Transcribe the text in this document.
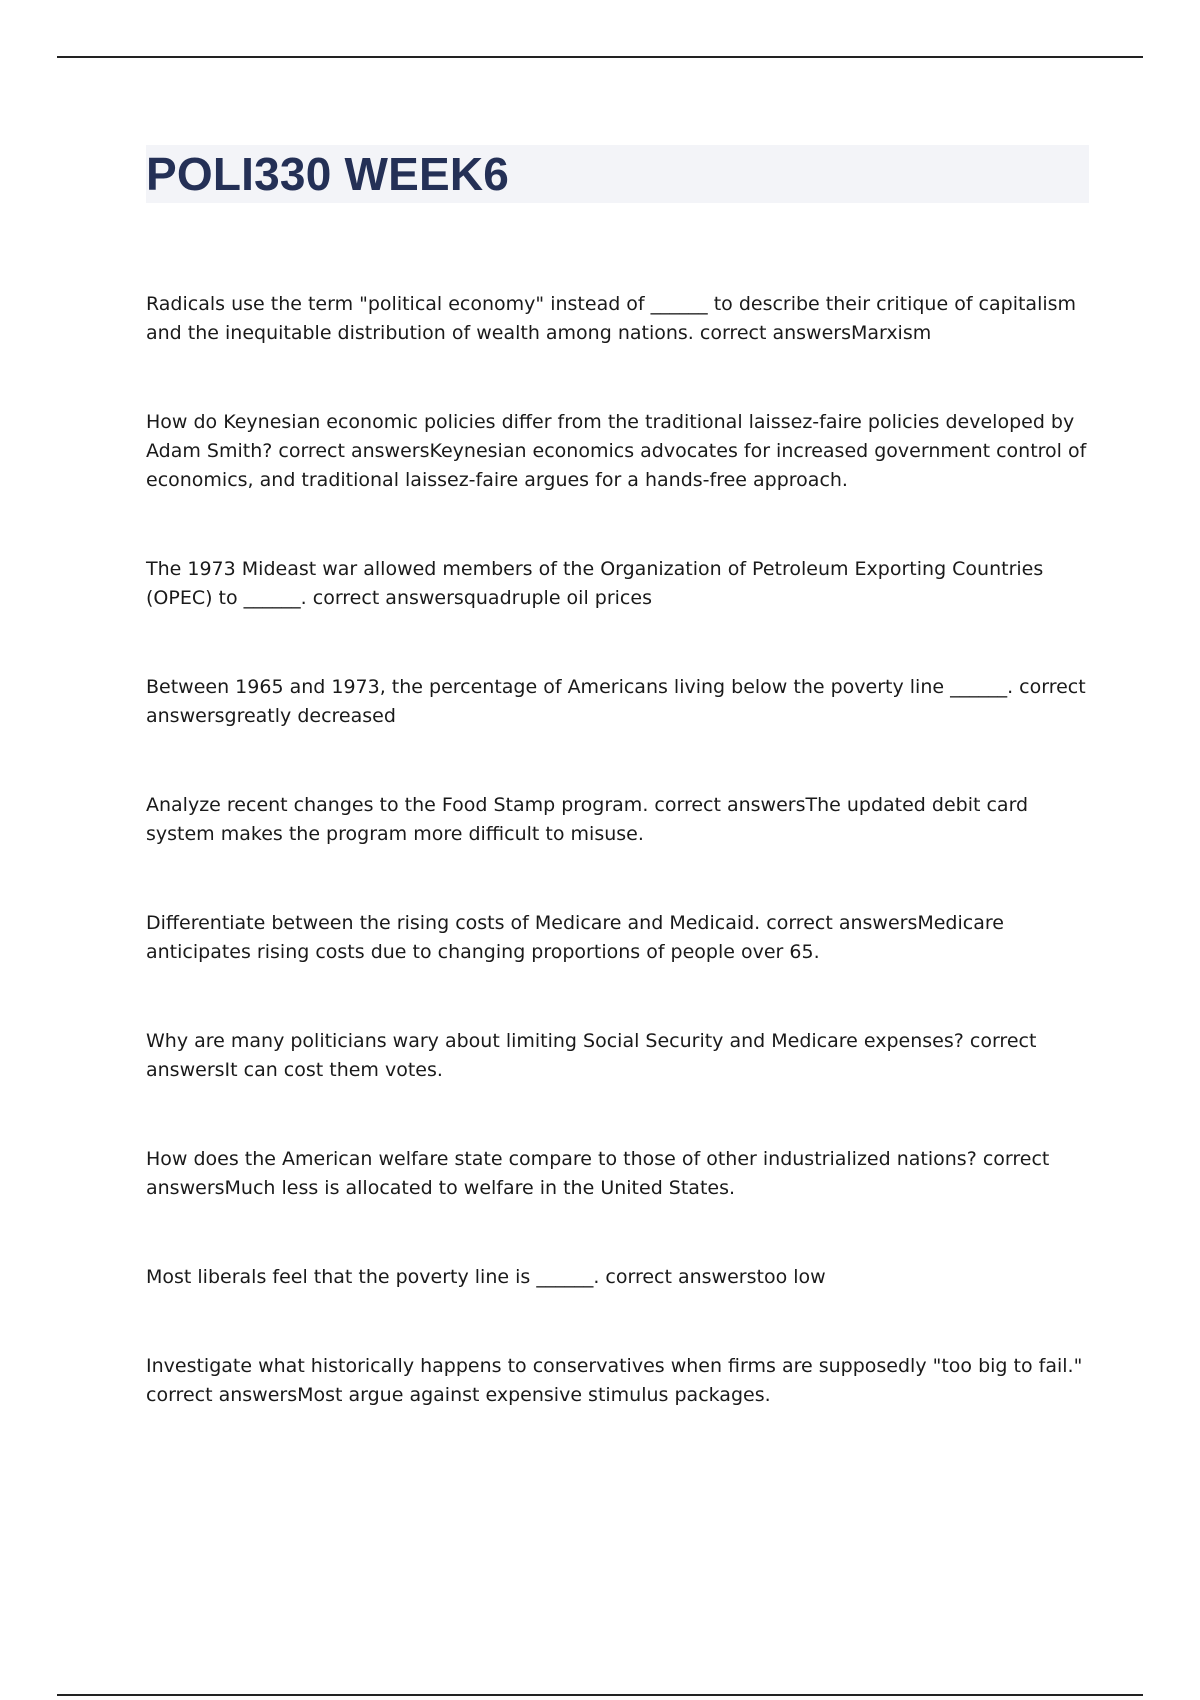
POLI330 WEEK6

Radicals use the term "political economy" instead of ______ to describe their critique of capitalism and the inequitable distribution of wealth among nations. correct answersMarxism

How do Keynesian economic policies differ from the traditional laissez-faire policies developed by Adam Smith? correct answersKeynesian economics advocates for increased government control of economics, and traditional laissez-faire argues for a hands-free approach.

The 1973 Mideast war allowed members of the Organization of Petroleum Exporting Countries (OPEC) to ______. correct answersquadruple oil prices

Between 1965 and 1973, the percentage of Americans living below the poverty line ______. correct answersgreatly decreased

Analyze recent changes to the Food Stamp program. correct answersThe updated debit card system makes the program more difficult to misuse.

Differentiate between the rising costs of Medicare and Medicaid. correct answersMedicare anticipates rising costs due to changing proportions of people over 65.

Why are many politicians wary about limiting Social Security and Medicare expenses? correct answersIt can cost them votes.

How does the American welfare state compare to those of other industrialized nations? correct answersMuch less is allocated to welfare in the United States.

Most liberals feel that the poverty line is ______. correct answerstoo low

Investigate what historically happens to conservatives when firms are supposedly "too big to fail." correct answersMost argue against expensive stimulus packages.
